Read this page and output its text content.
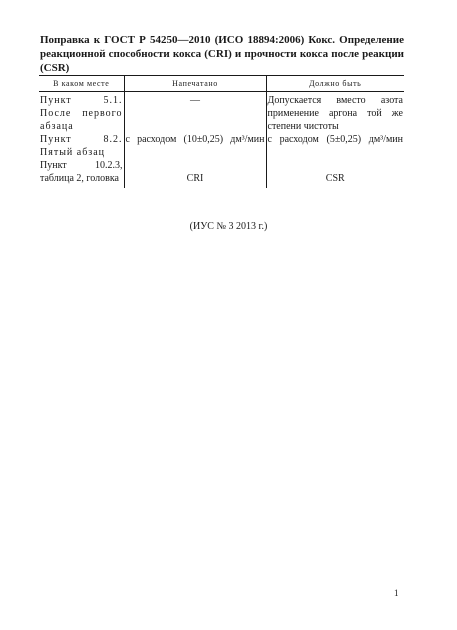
Поправка к ГОСТ Р 54250—2010 (ИСО 18894:2006) Кокс. Определение реакционной способности кокса (CRI) и прочности кокса после реакции (CSR)
В каком месте	Напечатано	Должно быть
Пункт 5.1. После первого абзаца	—	Допускается вместо азота применение аргона той же степени чистоты
Пункт 8.2. Пятый абзац	с расходом (10±0,25) дм³/мин	с расходом (5±0,25) дм³/мин
Пункт 10.2.3, таблица 2, головка	CRI	CSR
(ИУС № 3 2013 г.)
1
